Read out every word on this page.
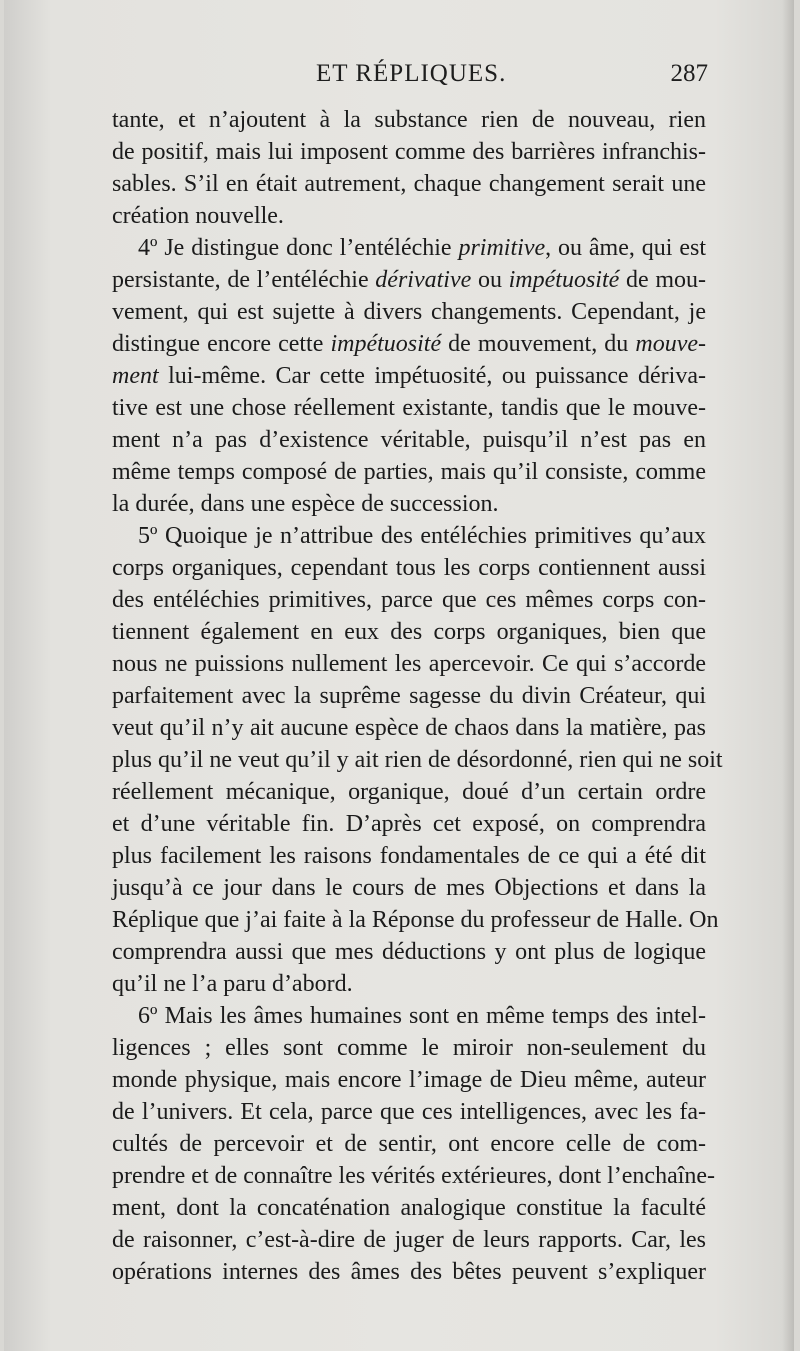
ET RÉPLIQUES.	287
tante, et n’ajoutent à la substance rien de nouveau, rien
de positif, mais lui imposent comme des barrières infranchis-
sables. S’il en était autrement, chaque changement serait une
création nouvelle.
4º Je distingue donc l’entéléchie primitive, ou âme, qui est
persistante, de l’entéléchie dérivative ou impétuosité de mou-
vement, qui est sujette à divers changements. Cependant, je
distingue encore cette impétuosité de mouvement, du mouve-
ment lui-même. Car cette impétuosité, ou puissance dériva-
tive est une chose réellement existante, tandis que le mouve-
ment n’a pas d’existence véritable, puisqu’il n’est pas en
même temps composé de parties, mais qu’il consiste, comme
la durée, dans une espèce de succession.
5º Quoique je n’attribue des entéléchies primitives qu’aux
corps organiques, cependant tous les corps contiennent aussi
des entéléchies primitives, parce que ces mêmes corps con-
tiennent également en eux des corps organiques, bien que
nous ne puissions nullement les apercevoir. Ce qui s’accorde
parfaitement avec la suprême sagesse du divin Créateur, qui
veut qu’il n’y ait aucune espèce de chaos dans la matière, pas
plus qu’il ne veut qu’il y ait rien de désordonné, rien qui ne soit
réellement mécanique, organique, doué d’un certain ordre
et d’une véritable fin. D’après cet exposé, on comprendra
plus facilement les raisons fondamentales de ce qui a été dit
jusqu’à ce jour dans le cours de mes Objections et dans la
Réplique que j’ai faite à la Réponse du professeur de Halle. On
comprendra aussi que mes déductions y ont plus de logique
qu’il ne l’a paru d’abord.
6º Mais les âmes humaines sont en même temps des intel-
ligences ; elles sont comme le miroir non-seulement du
monde physique, mais encore l’image de Dieu même, auteur
de l’univers. Et cela, parce que ces intelligences, avec les fa-
cultés de percevoir et de sentir, ont encore celle de com-
prendre et de connaître les vérités extérieures, dont l’enchaîne-
ment, dont la concaténation analogique constitue la faculté
de raisonner, c’est-à-dire de juger de leurs rapports. Car, les
opérations internes des âmes des bêtes peuvent s’expliquer
